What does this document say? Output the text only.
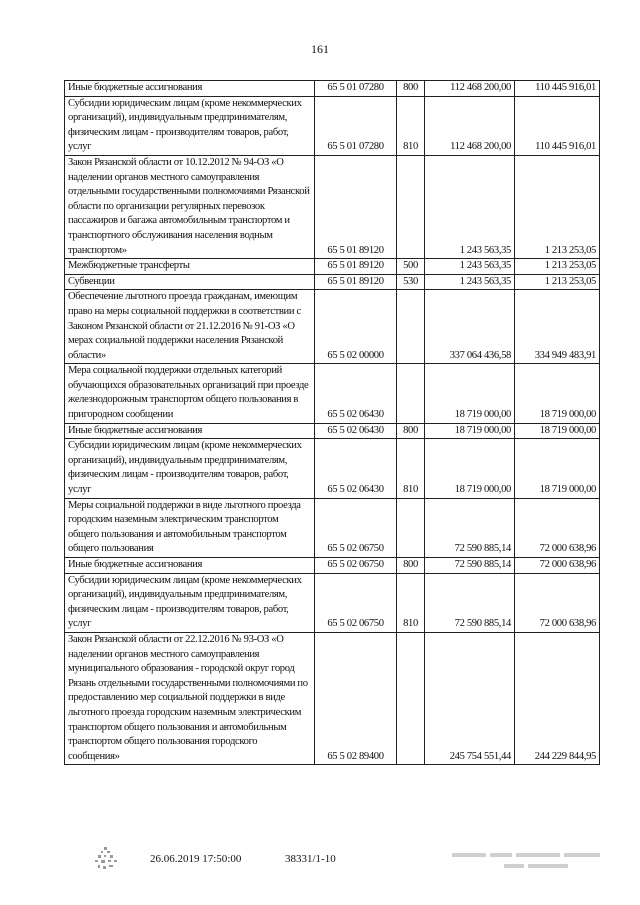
161
Иные бюджетные ассигнования	65 5 01 07280	800	112 468 200,00	110 445 916,01
Субсидии юридическим лицам (кроме некоммерческих организаций), индивидуальным предпринимателям, физическим лицам - производителям товаров, работ, услуг	65 5 01 07280	810	112 468 200,00	110 445 916,01
Закон Рязанской области от 10.12.2012 № 94-ОЗ «О наделении органов местного самоуправления отдельными государственными полномочиями Рязанской области по организации регулярных перевозок пассажиров и багажа автомобильным транспортом и транспортного обслуживания населения водным транспортом»	65 5 01 89120		1 243 563,35	1 213 253,05
Межбюджетные трансферты	65 5 01 89120	500	1 243 563,35	1 213 253,05
Субвенции	65 5 01 89120	530	1 243 563,35	1 213 253,05
Обеспечение льготного проезда гражданам, имеющим право на меры социальной поддержки в соответствии с Законом Рязанской области от 21.12.2016 № 91-ОЗ «О мерах социальной поддержки населения Рязанской области»	65 5 02 00000		337 064 436,58	334 949 483,91
Мера социальной поддержки отдельных категорий обучающихся образовательных организаций при проезде железнодорожным транспортом общего пользования в пригородном сообщении	65 5 02 06430		18 719 000,00	18 719 000,00
Иные бюджетные ассигнования	65 5 02 06430	800	18 719 000,00	18 719 000,00
Субсидии юридическим лицам (кроме некоммерческих организаций), индивидуальным предпринимателям, физическим лицам - производителям товаров, работ, услуг	65 5 02 06430	810	18 719 000,00	18 719 000,00
Меры социальной поддержки в виде льготного проезда городским наземным электрическим транспортом общего пользования и автомобильным транспортом общего пользования	65 5 02 06750		72 590 885,14	72 000 638,96
Иные бюджетные ассигнования	65 5 02 06750	800	72 590 885,14	72 000 638,96
Субсидии юридическим лицам (кроме некоммерческих организаций), индивидуальным предпринимателям, физическим лицам - производителям товаров, работ, услуг	65 5 02 06750	810	72 590 885,14	72 000 638,96
Закон Рязанской области от 22.12.2016 № 93-ОЗ «О наделении органов местного самоуправления муниципального образования - городской округ город Рязань отдельными государственными полномочиями по предоставлению мер социальной поддержки в виде льготного проезда городским наземным электрическим транспортом общего пользования и автомобильным транспортом общего пользования городского сообщения»	65 5 02 89400		245 754 551,44	244 229 844,95
26.06.2019 17:50:00	38331/1-10
